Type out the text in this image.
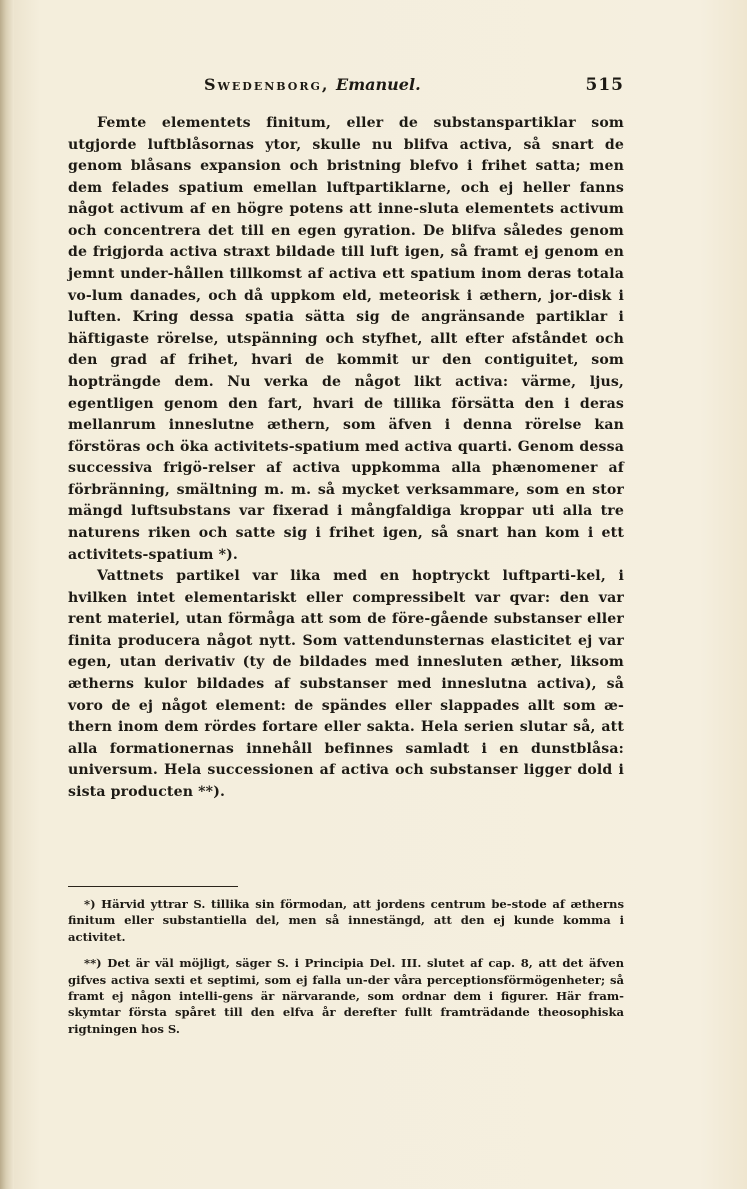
Swedenborg, Emanuel.	515

Femte elementets finitum, eller de substanspartiklar som utgjorde luftblåsornas ytor, skulle nu blifva activa, så snart de genom blåsans expansion och bristning blefvo i frihet satta; men dem felades spatium emellan luftpartiklarne, och ej heller fanns något activum af en högre potens att inne-sluta elementets activum och concentrera det till en egen gyration. De blifva således genom de frigjorda activa straxt bildade till luft igen, så framt ej genom en jemnt under-hållen tillkomst af activa ett spatium inom deras totala vo-lum danades, och då uppkom eld, meteorisk i æthern, jor-disk i luften. Kring dessa spatia sätta sig de angränsande partiklar i häftigaste rörelse, utspänning och styfhet, allt efter afståndet och den grad af frihet, hvari de kommit ur den contiguitet, som hopträngde dem. Nu verka de något likt activa: värme, ljus, egentligen genom den fart, hvari de tillika försätta den i deras mellanrum inneslutne æthern, som äfven i denna rörelse kan förstöras och öka activitets-spatium med activa quarti. Genom dessa successiva frigö-relser af activa uppkomma alla phænomener af förbränning, smältning m. m. så mycket verksammare, som en stor mängd luftsubstans var fixerad i mångfaldiga kroppar uti alla tre naturens riken och satte sig i frihet igen, så snart han kom i ett activitets-spatium *).

Vattnets partikel var lika med en hoptryckt luftparti-kel, i hvilken intet elementariskt eller compressibelt var qvar: den var rent materiel, utan förmåga att som de före-gående substanser eller finita producera något nytt. Som vattendunsternas elasticitet ej var egen, utan derivativ (ty de bildades med innesluten æther, liksom ætherns kulor bildades af substanser med inneslutna activa), så voro de ej något element: de spändes eller slappades allt som æ-thern inom dem rördes fortare eller sakta. Hela serien slutar så, att alla formationernas innehåll befinnes samladt i en dunstblåsa: universum. Hela successionen af activa och substanser ligger dold i sista producten **).

*) Härvid yttrar S. tillika sin förmodan, att jordens centrum be-stode af ætherns finitum eller substantiella del, men så innestängd, att den ej kunde komma i activitet.

**) Det är väl möjligt, säger S. i Principia Del. III. slutet af cap. 8, att det äfven gifves activa sexti et septimi, som ej falla un-der våra perceptionsförmögenheter; så framt ej någon intelli-gens är närvarande, som ordnar dem i figurer. Här fram-skymtar första spåret till den elfva år derefter fullt framträdande theosophiska rigtningen hos S.
